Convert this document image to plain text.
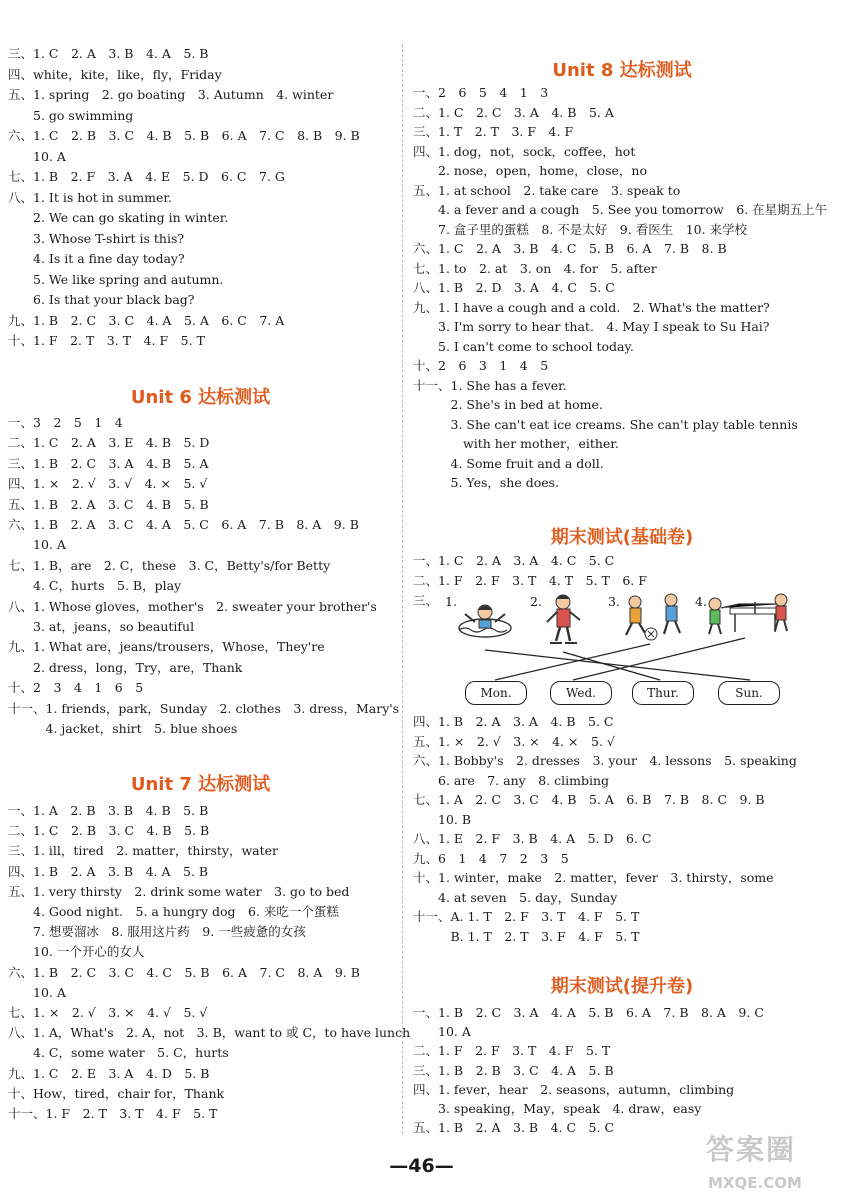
三、1. C　2. A　3. B　4. A　5. B
四、white，kite，like，fly，Friday
五、1. spring　2. go boating　3. Autumn　4. winter
　　5. go swimming
六、1. C　2. B　3. C　4. B　5. B　6. A　7. C　8. B　9. B
　　10. A
七、1. B　2. F　3. A　4. E　5. D　6. C　7. G
八、1. It is hot in summer.
　　2. We can go skating in winter.
　　3. Whose T-shirt is this?
　　4. Is it a fine day today?
　　5. We like spring and autumn.
　　6. Is that your black bag?
九、1. B　2. C　3. C　4. A　5. A　6. C　7. A
十、1. F　2. T　3. T　4. F　5. T
Unit 6 达标测试
一、3　2　5　1　4
二、1. C　2. A　3. E　4. B　5. D
三、1. B　2. C　3. A　4. B　5. A
四、1. ×　2. √　3. √　4. ×　5. √
五、1. B　2. A　3. C　4. B　5. B
六、1. B　2. A　3. C　4. A　5. C　6. A　7. B　8. A　9. B
　　10. A
七、1. B，are　2. C，these　3. C，Betty's/for Betty
　　4. C，hurts　5. B，play
八、1. Whose gloves，mother's　2. sweater your brother's
　　3. at，jeans，so beautiful
九、1. What are，jeans/trousers，Whose，They're
　　2. dress，long，Try，are，Thank
十、2　3　4　1　6　5
十一、1. friends，park，Sunday　2. clothes　3. dress，Mary's
　　　4. jacket，shirt　5. blue shoes
Unit 7 达标测试
一、1. A　2. B　3. B　4. B　5. B
二、1. C　2. B　3. C　4. B　5. B
三、1. ill，tired　2. matter，thirsty，water
四、1. B　2. A　3. B　4. A　5. B
五、1. very thirsty　2. drink some water　3. go to bed
　　4. Good night.　5. a hungry dog　6. 来吃一个蛋糕
　　7. 想要溜冰　8. 服用这片药　9. 一些疲惫的女孩
　　10. 一个开心的女人
六、1. B　2. C　3. C　4. C　5. B　6. A　7. C　8. A　9. B
　　10. A
七、1. ×　2. √　3. ×　4. √　5. √
八、1. A，What's　2. A，not　3. B，want to 或 C，to have lunch
　　4. C，some water　5. C，hurts
九、1. C　2. E　3. A　4. D　5. B
十、How，tired，chair for，Thank
十一、1. F　2. T　3. T　4. F　5. T
Unit 8 达标测试
一、2　6　5　4　1　3
二、1. C　2. C　3. A　4. B　5. A
三、1. T　2. T　3. F　4. F
四、1. dog，not，sock，coffee，hot
　　2. nose，open，home，close，no
五、1. at school　2. take care　3. speak to
　　4. a fever and a cough　5. See you tomorrow　6. 在星期五上午
　　7. 盒子里的蛋糕　8. 不是太好　9. 看医生　10. 来学校
六、1. C　2. A　3. B　4. C　5. B　6. A　7. B　8. B
七、1. to　2. at　3. on　4. for　5. after
八、1. B　2. D　3. A　4. C　5. C
九、1. I have a cough and a cold.　2. What's the matter?
　　3. I'm sorry to hear that.　4. May I speak to Su Hai?
　　5. I can't come to school today.
十、2　6　3　1　4　5
十一、1. She has a fever.
　　　2. She's in bed at home.
　　　3. She can't eat ice creams. She can't play table tennis
　　　　with her mother，either.
　　　4. Some fruit and a doll.
　　　5. Yes，she does.
期末测试(基础卷)
一、1. C　2. A　3. A　4. C　5. C
二、1. F　2. F　3. T　4. T　5. T　6. F
三、
四、1. B　2. A　3. A　4. B　5. C
五、1. ×　2. √　3. ×　4. ×　5. √
六、1. Bobby's　2. dresses　3. your　4. lessons　5. speaking
　　6. are　7. any　8. climbing
七、1. A　2. C　3. C　4. B　5. A　6. B　7. B　8. C　9. B
　　10. B
八、1. E　2. F　3. B　4. A　5. D　6. C
九、6　1　4　7　2　3　5
十、1. winter，make　2. matter，fever　3. thirsty，some
　　4. at seven　5. day，Sunday
十一、A. 1. T　2. F　3. T　4. F　5. T
　　　B. 1. T　2. T　3. F　4. F　5. T
期末测试(提升卷)
一、1. B　2. C　3. A　4. A　5. B　6. A　7. B　8. A　9. C
　　10. A
二、1. F　2. F　3. T　4. F　5. T
三、1. B　2. B　3. C　4. A　5. B
四、1. fever，hear　2. seasons，autumn，climbing
　　3. speaking，May，speak　4. draw，easy
五、1. B　2. A　3. B　4. C　5. C
1.	2.	3.	4.
Mon.	Wed.	Thur.	Sun.
—46—	答案圈
MXQE.COM
